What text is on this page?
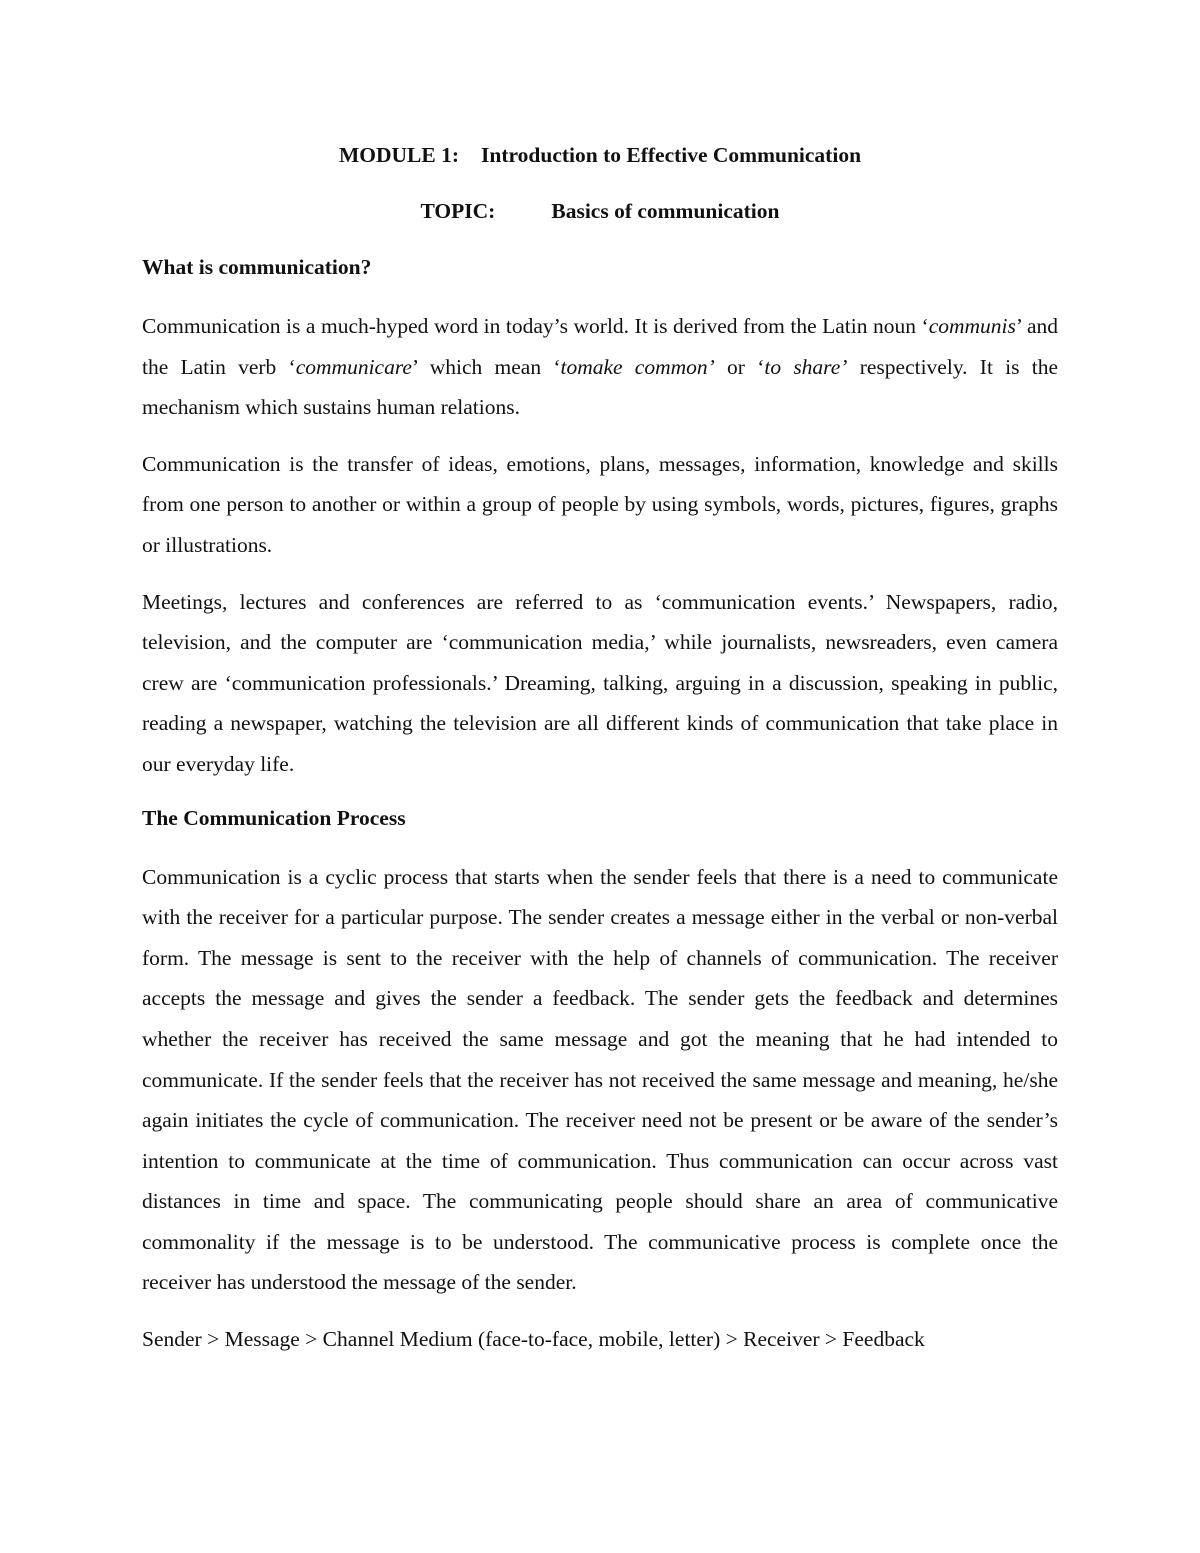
MODULE 1: Introduction to Effective Communication

TOPIC:	Basics of communication

What is communication?

Communication is a much-hyped word in today’s world. It is derived from the Latin noun ‘communis’ and the Latin verb ‘communicare’ which mean ‘tomake common’ or ‘to share’ respectively. It is the mechanism which sustains human relations.

Communication is the transfer of ideas, emotions, plans, messages, information, knowledge and skills from one person to another or within a group of people by using symbols, words, pictures, figures, graphs or illustrations.

Meetings, lectures and conferences are referred to as ‘communication events.’ Newspapers, radio, television, and the computer are ‘communication media,’ while journalists, newsreaders, even camera crew are ‘communication professionals.’ Dreaming, talking, arguing in a discussion, speaking in public, reading a newspaper, watching the television are all different kinds of communication that take place in our everyday life.

The Communication Process

Communication is a cyclic process that starts when the sender feels that there is a need to communicate with the receiver for a particular purpose. The sender creates a message either in the verbal or non-verbal form. The message is sent to the receiver with the help of channels of communication. The receiver accepts the message and gives the sender a feedback. The sender gets the feedback and determines whether the receiver has received the same message and got the meaning that he had intended to communicate. If the sender feels that the receiver has not received the same message and meaning, he/she again initiates the cycle of communication. The receiver need not be present or be aware of the sender’s intention to communicate at the time of communication. Thus communication can occur across vast distances in time and space. The communicating people should share an area of communicative commonality if the message is to be understood. The communicative process is complete once the receiver has understood the message of the sender.

Sender > Message > Channel Medium (face-to-face, mobile, letter) > Receiver > Feedback
